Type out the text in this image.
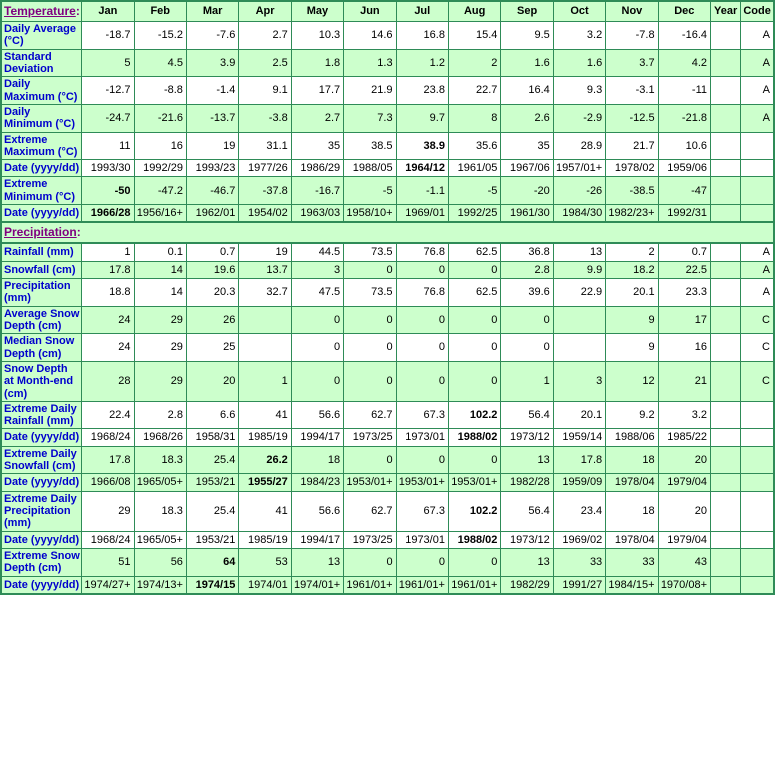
Temperature:	Jan	Feb	Mar	Apr	May	Jun	Jul	Aug	Sep	Oct	Nov	Dec	Year	Code
Daily Average (°C)	-18.7	-15.2	-7.6	2.7	10.3	14.6	16.8	15.4	9.5	3.2	-7.8	-16.4		A
Standard Deviation	5	4.5	3.9	2.5	1.8	1.3	1.2	2	1.6	1.6	3.7	4.2		A
Daily Maximum (°C)	-12.7	-8.8	-1.4	9.1	17.7	21.9	23.8	22.7	16.4	9.3	-3.1	-11		A
Daily Minimum (°C)	-24.7	-21.6	-13.7	-3.8	2.7	7.3	9.7	8	2.6	-2.9	-12.5	-21.8		A
Extreme Maximum (°C)	11	16	19	31.1	35	38.5	38.9	35.6	35	28.9	21.7	10.6		
Date (yyyy/dd)	1993/30	1992/29	1993/23	1977/26	1986/29	1988/05	1964/12	1961/05	1967/06	1957/01+	1978/02	1959/06		
Extreme Minimum (°C)	-50	-47.2	-46.7	-37.8	-16.7	-5	-1.1	-5	-20	-26	-38.5	-47		
Date (yyyy/dd)	1966/28	1956/16+	1962/01	1954/02	1963/03	1958/10+	1969/01	1992/25	1961/30	1984/30	1982/23+	1992/31		
Precipitation:														
Rainfall (mm)	1	0.1	0.7	19	44.5	73.5	76.8	62.5	36.8	13	2	0.7		A
Snowfall (cm)	17.8	14	19.6	13.7	3	0	0	0	2.8	9.9	18.2	22.5		A
Precipitation (mm)	18.8	14	20.3	32.7	47.5	73.5	76.8	62.5	39.6	22.9	20.1	23.3		A
Average Snow Depth (cm)	24	29	26		0	0	0	0	0		9	17		C
Median Snow Depth (cm)	24	29	25		0	0	0	0	0		9	16		C
Snow Depth at Month-end (cm)	28	29	20	1	0	0	0	0	1	3	12	21		C
Extreme Daily Rainfall (mm)	22.4	2.8	6.6	41	56.6	62.7	67.3	102.2	56.4	20.1	9.2	3.2		
Date (yyyy/dd)	1968/24	1968/26	1958/31	1985/19	1994/17	1973/25	1973/01	1988/02	1973/12	1959/14	1988/06	1985/22		
Extreme Daily Snowfall (cm)	17.8	18.3	25.4	26.2	18	0	0	0	13	17.8	18	20		
Date (yyyy/dd)	1966/08	1965/05+	1953/21	1955/27	1984/23	1953/01+	1953/01+	1953/01+	1982/28	1959/09	1978/04	1979/04		
Extreme Daily Precipitation (mm)	29	18.3	25.4	41	56.6	62.7	67.3	102.2	56.4	23.4	18	20		
Date (yyyy/dd)	1968/24	1965/05+	1953/21	1985/19	1994/17	1973/25	1973/01	1988/02	1973/12	1969/02	1978/04	1979/04		
Extreme Snow Depth (cm)	51	56	64	53	13	0	0	0	13	33	33	43		
Date (yyyy/dd)	1974/27+	1974/13+	1974/15	1974/01	1974/01+	1961/01+	1961/01+	1961/01+	1982/29	1991/27	1984/15+	1970/08+		
